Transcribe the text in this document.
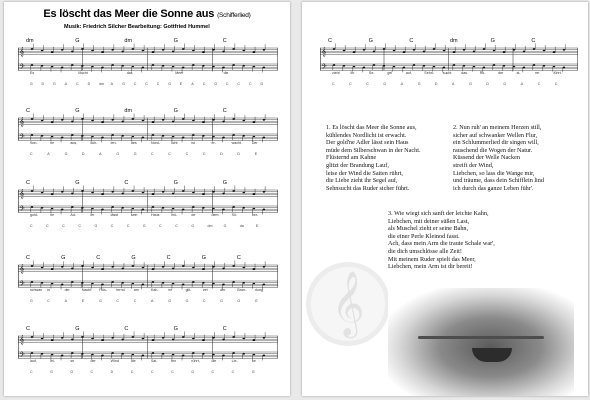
Es löscht das Meer die Sonne aus (Schifferlied)
Musik: Friedrich Silcher Bearbeitung: Gottfried Hummel
𝄞
𝄢
dm	G	dm	G	C
Es	löscht	das	Meer	die
G D G A	C D dm A	G C C C G E	A	C G C C C D
𝄞
𝄢
C	G	dm	G	C
Son-	ne	aus,	küh-	len-	des	Nord-	licht	ist	er-	wacht.	Der
C	A	G	D	A	G	G	C	C	C	C	D	D	E
𝄞
𝄢
C	G	C	G	G
gold-	ne	Ad-	ler	lässt	sein	Haus	mü-	de	dem	Sil-	ber-
C	C	C	C	G	C	C	G	C	C	G	dm	G	da	E
𝄞
𝄢
C	G	C	G	C	G	C
schwan in	der	Nacht. Flüs-	ternd	am	Kah-	ne	glit-	zet	der	Bran- dung
G	C	A	E	G	C	C	A	G	G	C	G	G	G
𝄞
𝄢
C	G	C	G	C
lauf,	lei-	se	der	Wind	die	Sai-	ten	rührt,	die	Lie-	be
C	G	G	C	D	C	C	C	G	C	C	G
𝄞
𝄢
C	G	C	dm	G	C
zieht	ihr	Se-	gel	auf,	Sehn- sucht	das	Ru-	der	st-	rer	führt.
C	C	C	G	A	G	D	A	G	D	G	A	C	C
1. Es löscht das Meer die Sonne aus,
kühlendes Nordlicht ist erwacht.
Der gold'ne Adler lässt sein Haus
müde dem Silberschwan in der Nacht.
Flüsternd am Kahne
glitzt der Brandung Lauf,
leise der Wind die Saiten rührt,
die Liebe zieht ihr Segel auf,
Sehnsucht das Ruder sicher führt.
2. Nun ruh' an meinem Herzen still,
sicher auf schwanker Wellen Flur,
ein Schlummerlied dir singen will,
rauschend die Wogen der Natur.
Küssend der Welle Nacken
streift der Wind,
Liebchen, so lass die Wange mir,
und träume, dass dein Schifflein lind
ich durch das ganze Leben führ'.
3. Wie wiegt sich sanft der leichte Kahn,
Liebchen, mit deiner süßen Last,
als Muschel zieht er seine Bahn,
die einer Perle Kleinod fasst.
Ach, dass mein Arm die traute Schale war',
die dich umschlösse alle Zeit!
Mit meinem Ruder spielt das Meer,
Liebchen, mein Arm ist dir bereit!
𝄞
